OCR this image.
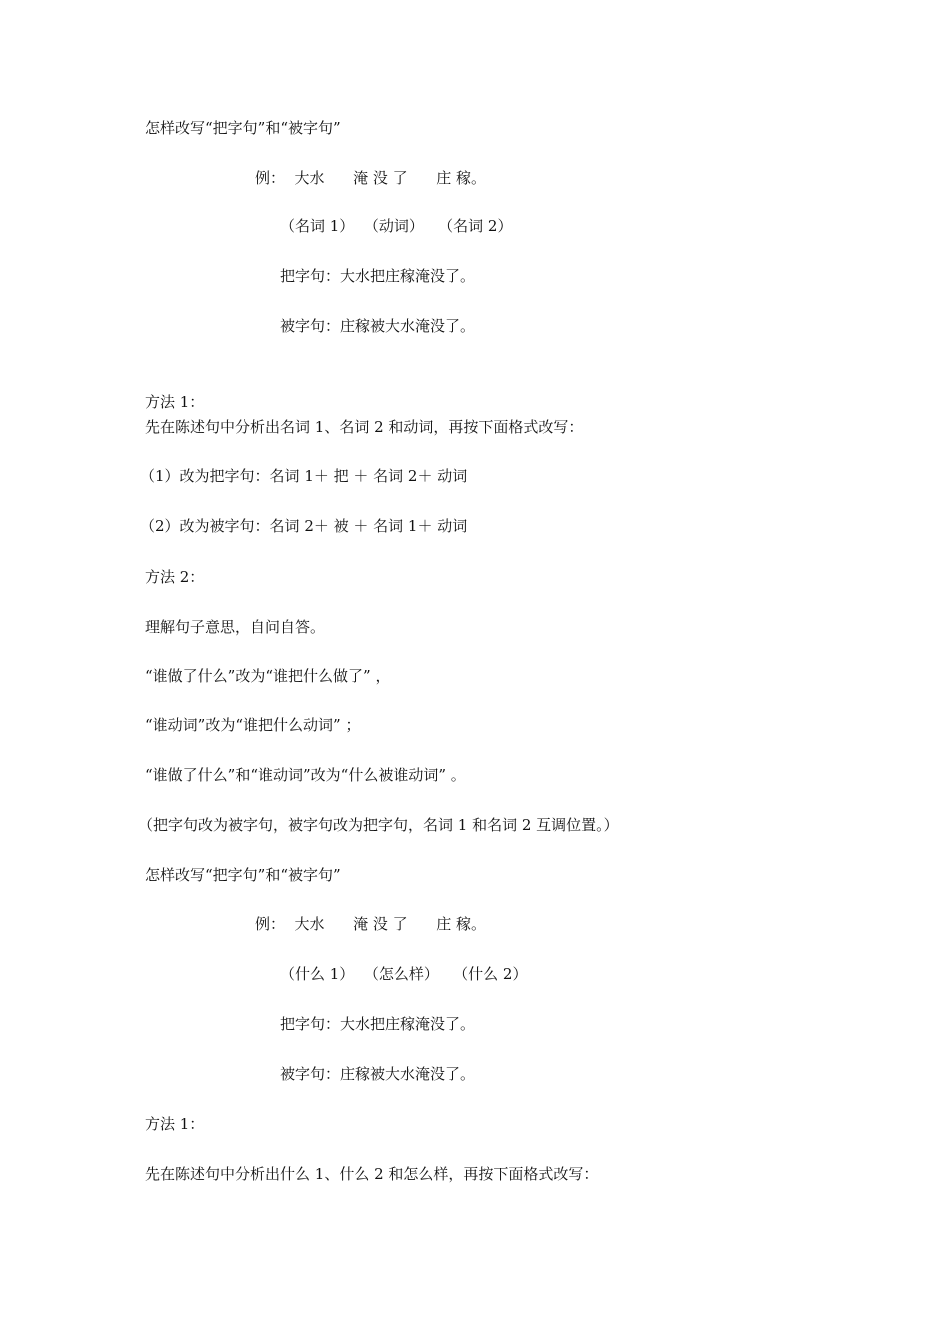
怎样改写“把字句”和“被字句”

例：  大水      淹 没 了      庄 稼。

（名词 1）  （动词）   （名词 2）

把字句：大水把庄稼淹没了。

被字句：庄稼被大水淹没了。

方法 1：

先在陈述句中分析出名词 1、名词 2 和动词，再按下面格式改写：

（1）改为把字句：名词 1＋ 把 ＋ 名词 2＋ 动词

（2）改为被字句：名词 2＋ 被 ＋ 名词 1＋ 动词

方法 2：

理解句子意思，自问自答。

“谁做了什么”改为“谁把什么做了” ，

“谁动词”改为“谁把什么动词” ；

“谁做了什么”和“谁动词”改为“什么被谁动词” 。

（把字句改为被字句，被字句改为把字句，名词 1 和名词 2 互调位置。）

怎样改写“把字句”和“被字句”

例：  大水      淹 没 了      庄 稼。

（什么 1）  （怎么样）   （什么 2）

把字句：大水把庄稼淹没了。

被字句：庄稼被大水淹没了。

方法 1：

先在陈述句中分析出什么 1、什么 2 和怎么样，再按下面格式改写：
